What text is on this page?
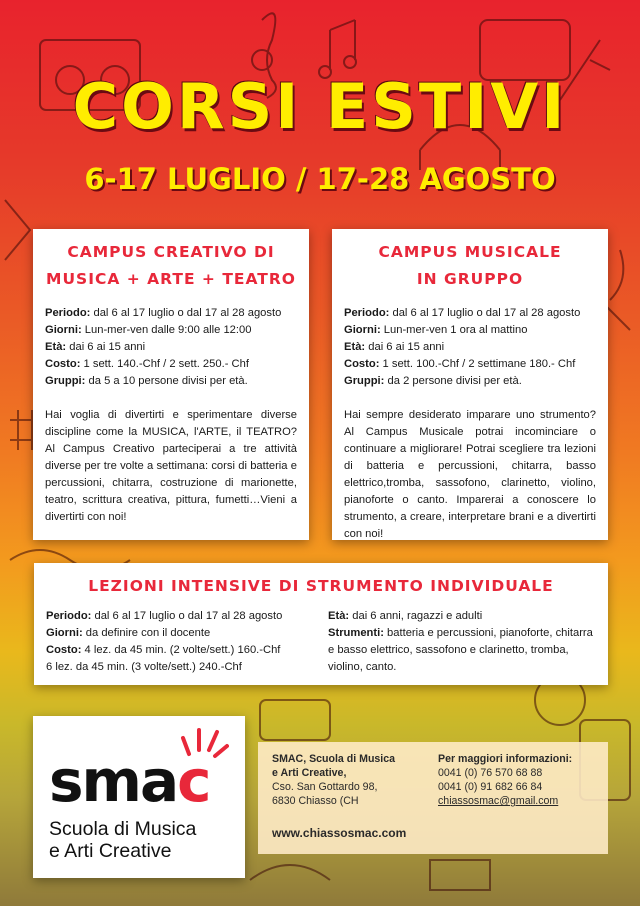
CORSI ESTIVI
6-17 LUGLIO / 17-28 AGOSTO
CAMPUS CREATIVO DI
MUSICA + ARTE + TEATRO

Periodo: dal 6 al 17 luglio o dal 17 al 28 agosto

Giorni: Lun-mer-ven dalle 9:00 alle 12:00

Età: dai 6 ai 15 anni

Costo: 1 sett. 140.-Chf / 2 sett. 250.- Chf

Gruppi: da 5 a 10 persone divisi per età.

Hai voglia di divertirti e sperimentare diverse discipline come la MUSICA, l'ARTE, il TEATRO? Al Campus Creativo parteciperai a tre attività diverse per tre volte a settimana: corsi di batteria e percussioni, chitarra, costruzione di marionette, teatro, scrittura creativa, pittura, fumetti…Vieni a divertirti con noi!

CAMPUS MUSICALE
IN GRUPPO

Periodo: dal 6 al 17 luglio o dal 17 al 28 agosto

Giorni: Lun-mer-ven 1 ora al mattino

Età: dai 6 ai 15 anni

Costo: 1 sett. 100.-Chf / 2 settimane 180.- Chf

Gruppi: da 2 persone divisi per età.

Hai sempre desiderato imparare uno strumento? Al Campus Musicale potrai incominciare o continuare a migliorare! Potrai scegliere tra lezioni di batteria e percussioni, chitarra, basso elettrico,tromba, sassofono, clarinetto, violino, pianoforte o canto. Imparerai a conoscere lo strumento, a creare, interpretare brani e a divertirti con noi!

LEZIONI INTENSIVE DI STRUMENTO INDIVIDUALE

Periodo: dal 6 al 17 luglio o dal 17 al 28 agosto

Giorni: da definire con il docente

Costo: 4 lez. da 45 min. (2 volte/sett.) 160.-Chf

6 lez. da 45 min. (3 volte/sett.) 240.-Chf

Età: dai 6 anni, ragazzi e adulti

Strumenti: batteria e percussioni, pianoforte, chitarra e basso elettrico, sassofono e clarinetto, tromba, violino, canto.

smac
Scuola di Musica
e Arti Creative
SMAC, Scuola di Musica
e Arti Creative,
Cso. San Gottardo 98,
6830 Chiasso (CH
Per maggiori informazioni:
0041 (0) 76 570 68 88
0041 (0) 91 682 66 84
chiassosmac@gmail.com
www.chiassosmac.com
